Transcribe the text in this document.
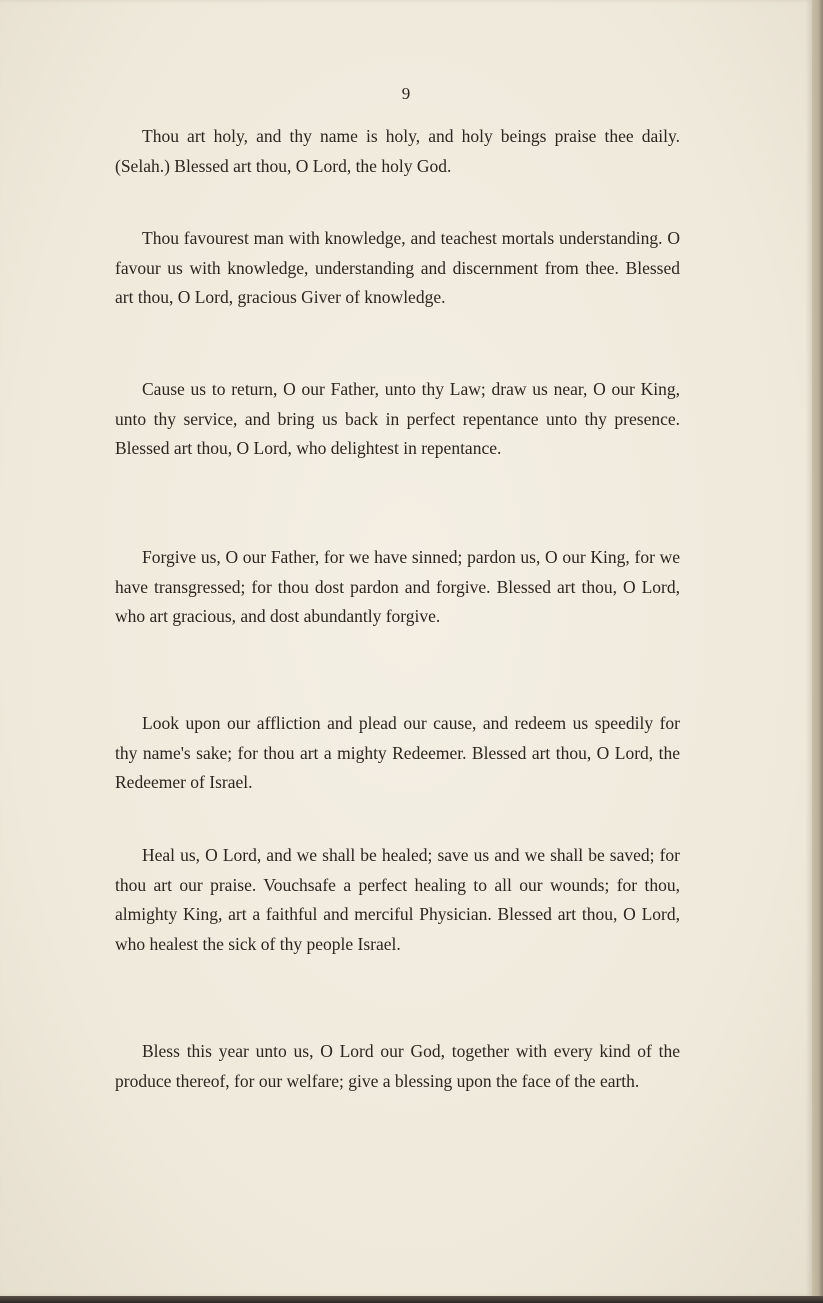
9

Thou art holy, and thy name is holy, and holy beings praise thee daily. (Selah.) Blessed art thou, O Lord, the holy God.

Thou favourest man with knowledge, and teachest mortals understanding. O favour us with knowledge, understanding and discernment from thee. Blessed art thou, O Lord, gracious Giver of knowledge.

Cause us to return, O our Father, unto thy Law; draw us near, O our King, unto thy service, and bring us back in perfect repentance unto thy presence. Blessed art thou, O Lord, who delightest in repentance.

Forgive us, O our Father, for we have sinned; pardon us, O our King, for we have transgressed; for thou dost pardon and forgive. Blessed art thou, O Lord, who art gracious, and dost abundantly forgive.

Look upon our affliction and plead our cause, and redeem us speedily for thy name's sake; for thou art a mighty Redeemer. Blessed art thou, O Lord, the Redeemer of Israel.

Heal us, O Lord, and we shall be healed; save us and we shall be saved; for thou art our praise. Vouchsafe a perfect healing to all our wounds; for thou, almighty King, art a faithful and merciful Physician. Blessed art thou, O Lord, who healest the sick of thy people Israel.

Bless this year unto us, O Lord our God, together with every kind of the produce thereof, for our welfare; give a blessing upon the face of the earth.
